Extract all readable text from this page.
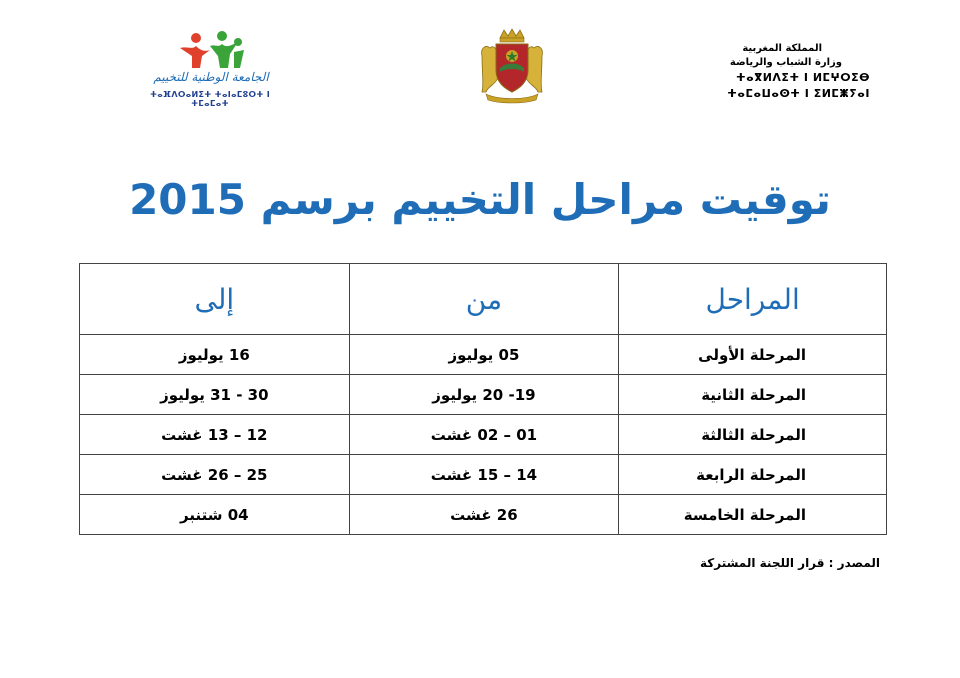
المملكة المغربية
وزارة الشباب والرياضة
ⵜⴰⴳⵍⴷⵉⵜ ⵏ ⵍⵎⵖⵔⵉⴱ ⵜⴰⵎⴰⵡⴰⵙⵜ ⵏ ⵉⵍⵎⵥⵢⴰⵏ
الجامعة الوطنية للتخييم
ⵜⴰⴼⴷⵔⴰⵍⵉⵜ ⵜⴰⵏⴰⵎⵓⵔⵜ ⵏ ⵜⵎⴰⵎⴰⵜ
توقيت مراحل التخييم برسم 2015
المراحل	من	إلى
المرحلة الأولى	05 يوليوز	16 يوليوز
المرحلة الثانية	19- 20 يوليوز	30 - 31 يوليوز
المرحلة الثالثة	01 – 02 غشت	12 – 13 غشت
المرحلة الرابعة	14 – 15 غشت	25 – 26 غشت
المرحلة الخامسة	26 غشت	04 شتنبر
المصدر : قرار اللجنة المشتركة
